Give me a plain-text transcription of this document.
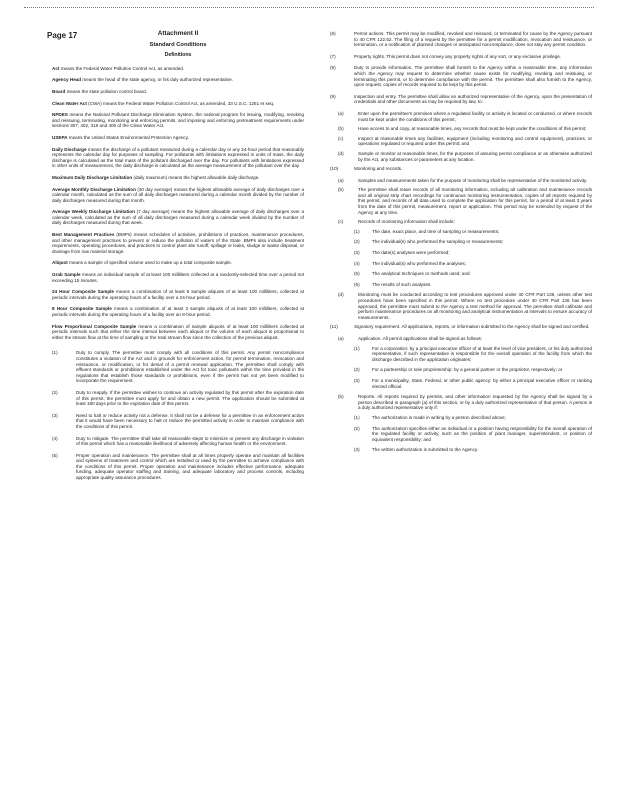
Page 17	Attachment II
Standard Conditions
Definitions

Act means the Federal Water Pollution Control Act, as amended.

Agency Head means the head of the state agency, or his duly authorized representative.

Board means the state pollution control board.

Clean Water Act (CWA) means the Federal Water Pollution Control Act, as amended, 33 U.S.C. 1251 et seq.

NPDES means the National Pollutant Discharge Elimination System, the national program for issuing, modifying, revoking and reissuing, terminating, monitoring and enforcing permits, and imposing and enforcing pretreatment requirements under sections 307, 402, 318 and 405 of the Clean Water Act.

USEPA means the United States Environmental Protection Agency.

Daily Discharge means the discharge of a pollutant measured during a calendar day or any 24-hour period that reasonably represents the calendar day for purposes of sampling. For pollutants with limitations expressed in units of mass, the daily discharge is calculated as the total mass of the pollutant discharged over the day. For pollutants with limitations expressed in other units of measurement, the daily discharge is calculated as the average measurement of the pollutant over the day.

Maximum Daily Discharge Limitation (daily maximum) means the highest allowable daily discharge.

Average Monthly Discharge Limitation (30 day average) means the highest allowable average of daily discharges over a calendar month, calculated as the sum of all daily discharges measured during a calendar month divided by the number of daily discharges measured during that month.

Average Weekly Discharge Limitation (7 day average) means the highest allowable average of daily discharges over a calendar week, calculated as the sum of all daily discharges measured during a calendar week divided by the number of daily discharges measured during that week.

Best Management Practices (BMPs) means schedules of activities, prohibitions of practices, maintenance procedures, and other management practices to prevent or reduce the pollution of waters of the State. BMPs also include treatment requirements, operating procedures, and practices to control plant site runoff, spillage or leaks, sludge or waste disposal, or drainage from raw material storage.

Aliquot means a sample of specified volume used to make up a total composite sample.

Grab Sample means an individual sample of at least 100 milliliters collected at a randomly-selected time over a period not exceeding 15 minutes.

24 Hour Composite Sample means a combination of at least 8 sample aliquots of at least 100 milliliters, collected at periodic intervals during the operating hours of a facility over a 24-hour period.

8 Hour Composite Sample means a combination of at least 3 sample aliquots of at least 100 milliliters, collected at periodic intervals during the operating hours of a facility over an 8-hour period.

Flow Proportional Composite Sample means a combination of sample aliquots of at least 100 milliliters collected at periodic intervals such that either the time interval between each aliquot or the volume of each aliquot is proportional to either the stream flow at the time of sampling or the total stream flow since the collection of the previous aliquot.

(1)	Duty to comply. The permittee must comply with all conditions of this permit. Any permit noncompliance constitutes a violation of the Act and is grounds for enforcement action, for permit termination, revocation and reissuance, or modification, or for denial of a permit renewal application. The permittee shall comply with effluent standards or prohibitions established under the Act for toxic pollutants within the time provided in the regulations that establish those standards or prohibitions, even if the permit has not yet been modified to incorporate the requirement.
(2)	Duty to reapply. If the permittee wishes to continue an activity regulated by this permit after the expiration date of this permit, the permittee must apply for and obtain a new permit. The application should be submitted at least 180 days prior to the expiration date of this permit.
(3)	Need to halt or reduce activity not a defense. It shall not be a defense for a permittee in an enforcement action that it would have been necessary to halt or reduce the permitted activity in order to maintain compliance with the conditions of this permit.
(4)	Duty to mitigate. The permittee shall take all reasonable steps to minimize or prevent any discharge in violation of this permit which has a reasonable likelihood of adversely affecting human health or the environment.
(5)	Proper operation and maintenance. The permittee shall at all times properly operate and maintain all facilities and systems of treatment and control which are installed or used by the permittee to achieve compliance with the conditions of this permit. Proper operation and maintenance includes effective performance, adequate funding, adequate operator staffing and training, and adequate laboratory and process controls, including appropriate quality assurance procedures.
(6)	Permit actions. This permit may be modified, revoked and reissued, or terminated for cause by the Agency pursuant to 40 CFR 122.62. The filing of a request by the permittee for a permit modification, revocation and reissuance, or termination, or a notification of planned changes or anticipated noncompliance, does not stay any permit condition.
(7)	Property rights. This permit does not convey any property rights of any sort, or any exclusive privilege.
(8)	Duty to provide information. The permittee shall furnish to the Agency within a reasonable time, any information which the Agency may request to determine whether cause exists for modifying, revoking and reissuing, or terminating this permit, or to determine compliance with the permit. The permittee shall also furnish to the Agency, upon request, copies of records required to be kept by this permit.
(9)	Inspection and entry. The permittee shall allow an authorized representative of the Agency, upon the presentation of credentials and other documents as may be required by law, to:
(a)	Enter upon the permittee's premises where a regulated facility or activity is located or conducted, or where records must be kept under the conditions of this permit;
(b)	Have access to and copy, at reasonable times, any records that must be kept under the conditions of this permit;
(c)	Inspect at reasonable times any facilities, equipment (including monitoring and control equipment), practices, or operations regulated or required under this permit; and
(d)	Sample or monitor at reasonable times, for the purposes of assuring permit compliance or as otherwise authorized by the Act, any substances or parameters at any location.
(10)	Monitoring and records.
(a)	Samples and measurements taken for the purpose of monitoring shall be representative of the monitored activity.
(b)	The permittee shall retain records of all monitoring information, including all calibration and maintenance records and all original strip chart recordings for continuous monitoring instrumentation, copies of all reports required by this permit, and records of all data used to complete the application for this permit, for a period of at least 3 years from the date of this permit, measurement, report or application. This period may be extended by request of the Agency at any time.
(c)	Records of monitoring information shall include:
(1)	The date, exact place, and time of sampling or measurements;
(2)	The individual(s) who performed the sampling or measurements;
(3)	The date(s) analyses were performed;
(4)	The individual(s) who performed the analyses;
(5)	The analytical techniques or methods used; and
(6)	The results of such analyses.
(d)	Monitoring must be conducted according to test procedures approved under 40 CFR Part 136, unless other test procedures have been specified in this permit. Where no test procedure under 40 CFR Part 136 has been approved, the permittee must submit to the Agency a test method for approval. The permittee shall calibrate and perform maintenance procedures on all monitoring and analytical instrumentation at intervals to ensure accuracy of measurements.
(11)	Signatory requirement. All applications, reports, or information submitted to the Agency shall be signed and certified.
(a)	Application. All permit applications shall be signed as follows:
(1)	For a corporation: by a principal executive officer of at least the level of vice president, or his duly authorized representative, if such representative is responsible for the overall operation of the facility from which the discharge described in the application originates;
(2)	For a partnership or sole proprietorship: by a general partner or the proprietor, respectively; or
(3)	For a municipality, State, Federal, or other public agency: by either a principal executive officer or ranking elected official.
(b)	Reports. All reports required by permits, and other information requested by the Agency shall be signed by a person described in paragraph (a) of this section, or by a duly authorized representative of that person. A person is a duly authorized representative only if:
(1)	The authorization is made in writing by a person described above;
(2)	The authorization specifies either an individual or a position having responsibility for the overall operation of the regulated facility or activity, such as the position of plant manager, superintendent, or position of equivalent responsibility; and
(3)	The written authorization is submitted to the Agency.
